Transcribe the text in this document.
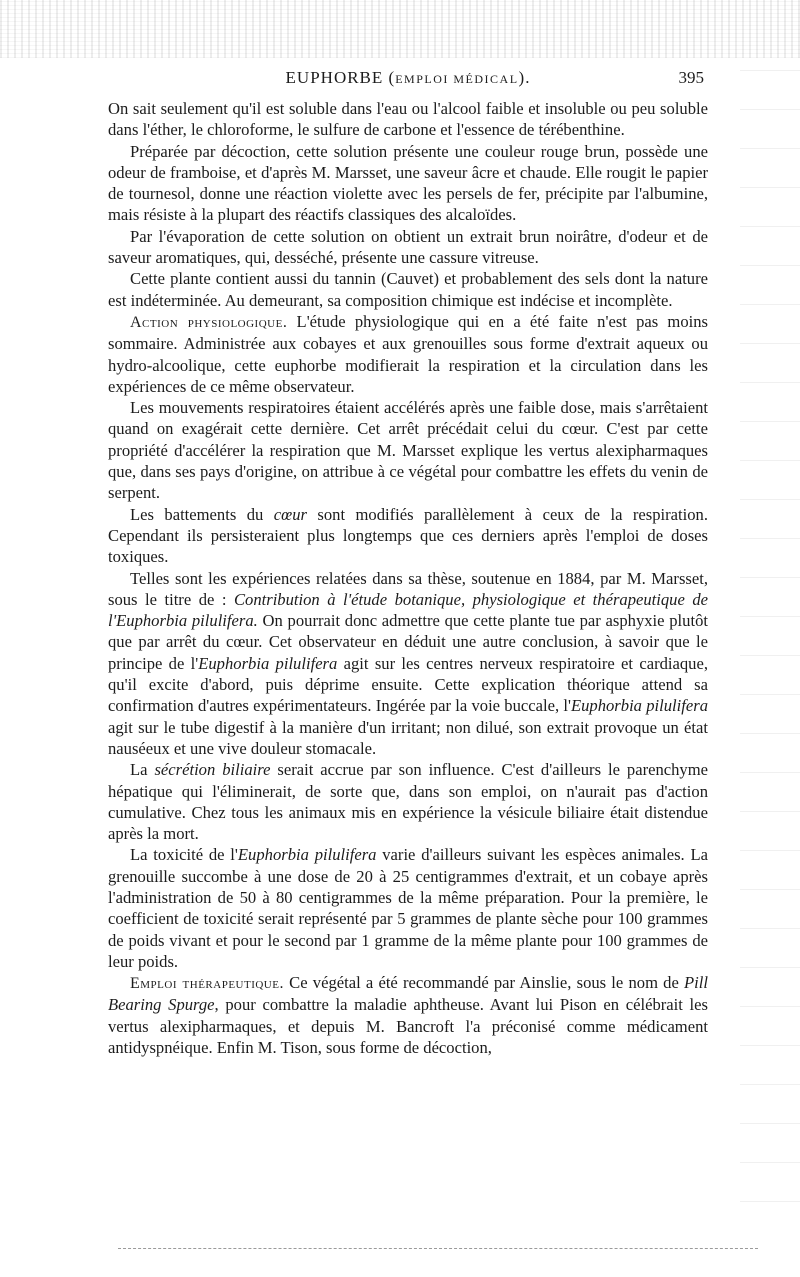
EUPHORBE (EMPLOI MÉDICAL).	395

On sait seulement qu'il est soluble dans l'eau ou l'alcool faible et insoluble ou peu soluble dans l'éther, le chloroforme, le sulfure de carbone et l'essence de térébenthine.

Préparée par décoction, cette solution présente une couleur rouge brun, possède une odeur de framboise, et d'après M. Marsset, une saveur âcre et chaude. Elle rougit le papier de tournesol, donne une réaction violette avec les persels de fer, précipite par l'albumine, mais résiste à la plupart des réactifs classiques des alcaloïdes.

Par l'évaporation de cette solution on obtient un extrait brun noirâtre, d'odeur et de saveur aromatiques, qui, desséché, présente une cassure vitreuse.

Cette plante contient aussi du tannin (Cauvet) et probablement des sels dont la nature est indéterminée. Au demeurant, sa composition chimique est indécise et incomplète.

Action physiologique. L'étude physiologique qui en a été faite n'est pas moins sommaire. Administrée aux cobayes et aux grenouilles sous forme d'extrait aqueux ou hydro-alcoolique, cette euphorbe modifierait la respiration et la circulation dans les expériences de ce même observateur.

Les mouvements respiratoires étaient accélérés après une faible dose, mais s'arrêtaient quand on exagérait cette dernière. Cet arrêt précédait celui du cœur. C'est par cette propriété d'accélérer la respiration que M. Marsset explique les vertus alexipharmaques que, dans ses pays d'origine, on attribue à ce végétal pour combattre les effets du venin de serpent.

Les battements du cœur sont modifiés parallèlement à ceux de la respiration. Cependant ils persisteraient plus longtemps que ces derniers après l'emploi de doses toxiques.

Telles sont les expériences relatées dans sa thèse, soutenue en 1884, par M. Marsset, sous le titre de : Contribution à l'étude botanique, physiologique et thérapeutique de l'Euphorbia pilulifera. On pourrait donc admettre que cette plante tue par asphyxie plutôt que par arrêt du cœur. Cet observateur en déduit une autre conclusion, à savoir que le principe de l'Euphorbia pilulifera agit sur les centres nerveux respiratoire et cardiaque, qu'il excite d'abord, puis déprime ensuite. Cette explication théorique attend sa confirmation d'autres expérimentateurs. Ingérée par la voie buccale, l'Euphorbia pilulifera agit sur le tube digestif à la manière d'un irritant; non dilué, son extrait provoque un état nauséeux et une vive douleur stomacale.

La sécrétion biliaire serait accrue par son influence. C'est d'ailleurs le parenchyme hépatique qui l'éliminerait, de sorte que, dans son emploi, on n'aurait pas d'action cumulative. Chez tous les animaux mis en expérience la vésicule biliaire était distendue après la mort.

La toxicité de l'Euphorbia pilulifera varie d'ailleurs suivant les espèces animales. La grenouille succombe à une dose de 20 à 25 centigrammes d'extrait, et un cobaye après l'administration de 50 à 80 centigrammes de la même préparation. Pour la première, le coefficient de toxicité serait représenté par 5 grammes de plante sèche pour 100 grammes de poids vivant et pour le second par 1 gramme de la même plante pour 100 grammes de leur poids.

Emploi thérapeutique. Ce végétal a été recommandé par Ainslie, sous le nom de Pill Bearing Spurge, pour combattre la maladie aphtheuse. Avant lui Pison en célébrait les vertus alexipharmaques, et depuis M. Bancroft l'a préconisé comme médicament antidyspnéique. Enfin M. Tison, sous forme de décoction,
